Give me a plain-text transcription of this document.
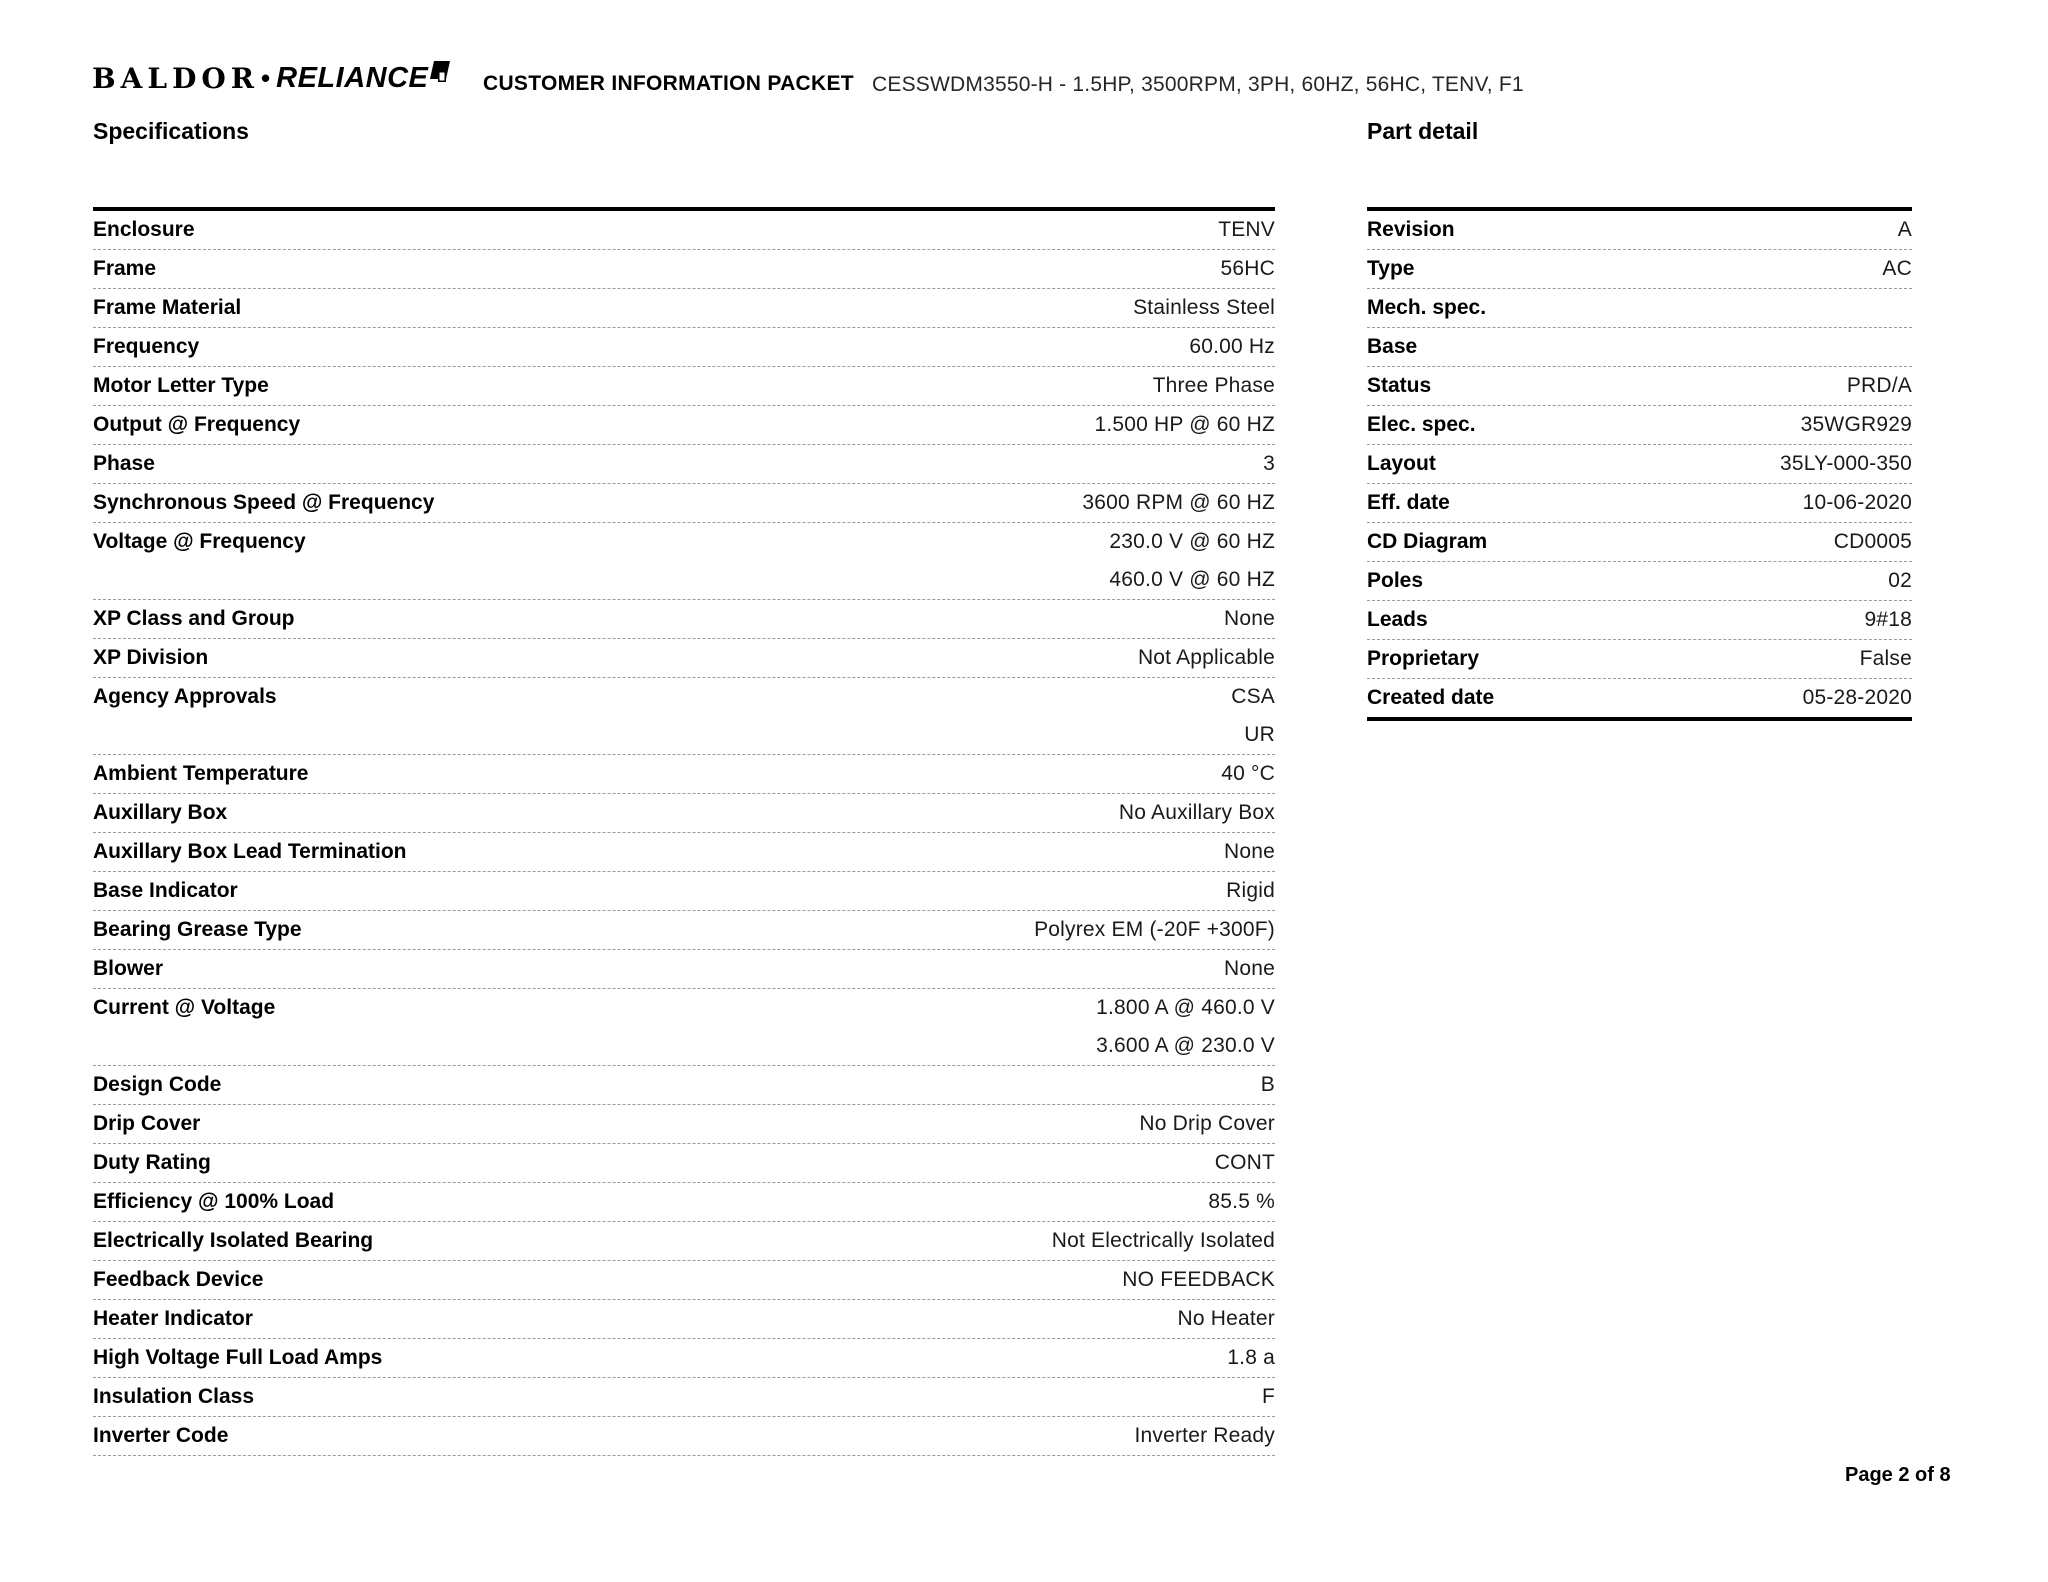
BALDOR • RELIANCE	CUSTOMER INFORMATION PACKET CESSWDM3550-H - 1.5HP, 3500RPM, 3PH, 60HZ, 56HC, TENV, F1
Specifications
Enclosure	TENV
Frame	56HC
Frame Material	Stainless Steel
Frequency	60.00 Hz
Motor Letter Type	Three Phase
Output @ Frequency	1.500 HP @ 60 HZ
Phase	3
Synchronous Speed @ Frequency	3600 RPM @ 60 HZ
Voltage @ Frequency	230.0 V @ 60 HZ
460.0 V @ 60 HZ
XP Class and Group	None
XP Division	Not Applicable
Agency Approvals	CSA
UR
Ambient Temperature	40 °C
Auxillary Box	No Auxillary Box
Auxillary Box Lead Termination	None
Base Indicator	Rigid
Bearing Grease Type	Polyrex EM (-20F +300F)
Blower	None
Current @ Voltage	1.800 A @ 460.0 V
3.600 A @ 230.0 V
Design Code	B
Drip Cover	No Drip Cover
Duty Rating	CONT
Efficiency @ 100% Load	85.5 %
Electrically Isolated Bearing	Not Electrically Isolated
Feedback Device	NO FEEDBACK
Heater Indicator	No Heater
High Voltage Full Load Amps	1.8 a
Insulation Class	F
Inverter Code	Inverter Ready
Part detail
Revision	A
Type	AC
Mech. spec.
Base
Status	PRD/A
Elec. spec.	35WGR929
Layout	35LY-000-350
Eff. date	10-06-2020
CD Diagram	CD0005
Poles	02
Leads	9#18
Proprietary	False
Created date	05-28-2020
Page 2 of 8
